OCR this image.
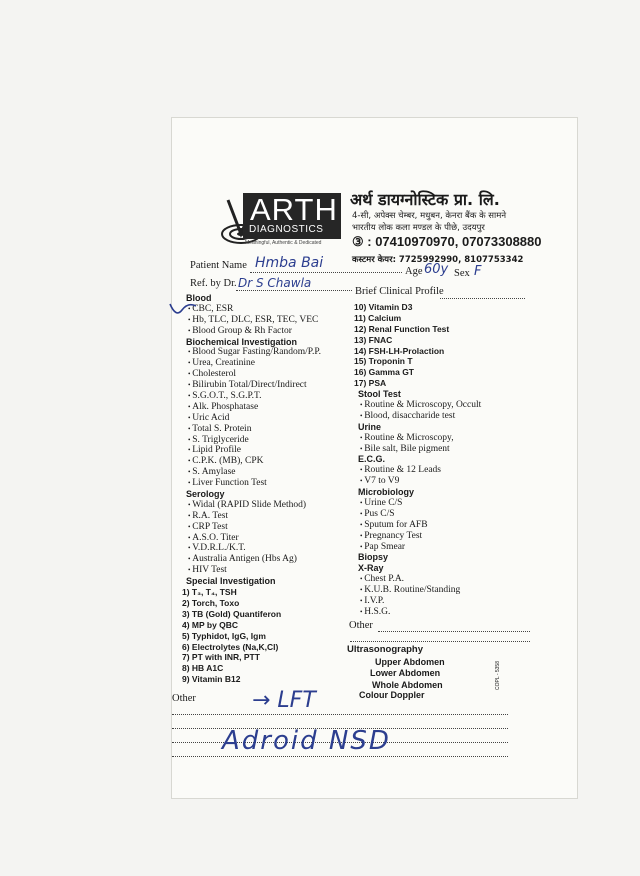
ARTH
DIAGNOSTICS
Meaningful, Authentic & Dedicated
अर्थ डायग्नोस्टिक प्रा. लि.
4-सी, अपेक्स चेम्बर, मधुबन, केनरा बैंक के सामने
भारतीय लोक कला मण्डल के पीछे, उदयपुर
③ : 07410970970, 07073308880
कस्टमर केयर: 7725992990, 8107753342
Patient Name Hmba Bai
Age 60y Sex F
Ref. by Dr. Dr S Chawla
Brief Clinical Profile
Blood
• CBC, ESR
• Hb, TLC, DLC, ESR, TEC, VEC
• Blood Group & Rh Factor
Biochemical Investigation
• Blood Sugar Fasting/Random/P.P.
• Urea, Creatinine
• Cholesterol
• Bilirubin Total/Direct/Indirect
• S.G.O.T., S.G.P.T.
• Alk. Phosphatase
• Uric Acid
• Total S. Protein
• S. Triglyceride
• Lipid Profile
• C.P.K. (MB), CPK
• S. Amylase
• Liver Function Test
Serology
• Widal (RAPID Slide Method)
• R.A. Test
• CRP Test
• A.S.O. Titer
• V.D.R.L./K.T.
• Australia Antigen (Hbs Ag)
• HIV Test
Special Investigation
1) T₃, T₄, TSH
2) Torch, Toxo
3) TB (Gold) Quantiferon
4) MP by QBC
5) Typhidot, IgG, Igm
6) Electrolytes (Na,K,Cl)
7) PT with INR, PTT
8) HB A1C
9) Vitamin B12
Other
10) Vitamin D3
11) Calcium
12) Renal Function Test
13) FNAC
14) FSH-LH-Prolaction
15) Troponin T
16) Gamma GT
17) PSA
Stool Test
• Routine & Microscopy, Occult
• Blood, disaccharide test
Urine
• Routine & Microscopy,
• Bile salt, Bile pigment
E.C.G.
• Routine & 12 Leads
• V7 to V9
Microbiology
• Urine C/S
• Pus C/S
• Sputum for AFB
• Pregnancy Test
• Pap Smear
Biopsy
X-Ray
• Chest P.A.
• K.U.B. Routine/Standing
• I.V.P.
• H.S.G.
Other
Ultrasonography
Upper Abdomen
Lower Abdomen
Whole Abdomen
Colour Doppler
COPL - 5358
→ LFT
Adroid NSD
